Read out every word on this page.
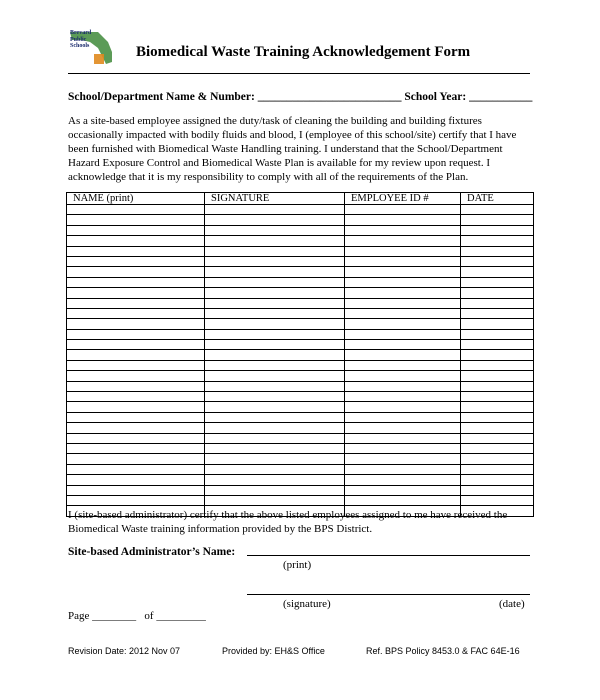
Brevard
Public
Schools	Biomedical Waste Training Acknowledgement Form
School/Department Name & Number: _________________________ School Year: ___________
As a site-based employee assigned the duty/task of cleaning the building and building fixtures occasionally impacted with bodily fluids and blood, I (employee of this school/site) certify that I have been furnished with Biomedical Waste Handling training. I understand that the School/Department Hazard Exposure Control and Biomedical Waste Plan is available for my review upon request. I acknowledge that it is my responsibility to comply with all of the requirements of the Plan.
NAME (print)	SIGNATURE	EMPLOYEE ID #	DATE

I (site-based administrator) certify that the above listed employees assigned to me have received the Biomedical Waste training information provided by the BPS District.
Site-based Administrator’s Name:
(print)
(signature)	(date)
Page ________ of _________
Revision Date: 2012 Nov 07	Provided by: EH&S Office	Ref. BPS Policy 8453.0 & FAC 64E-16
